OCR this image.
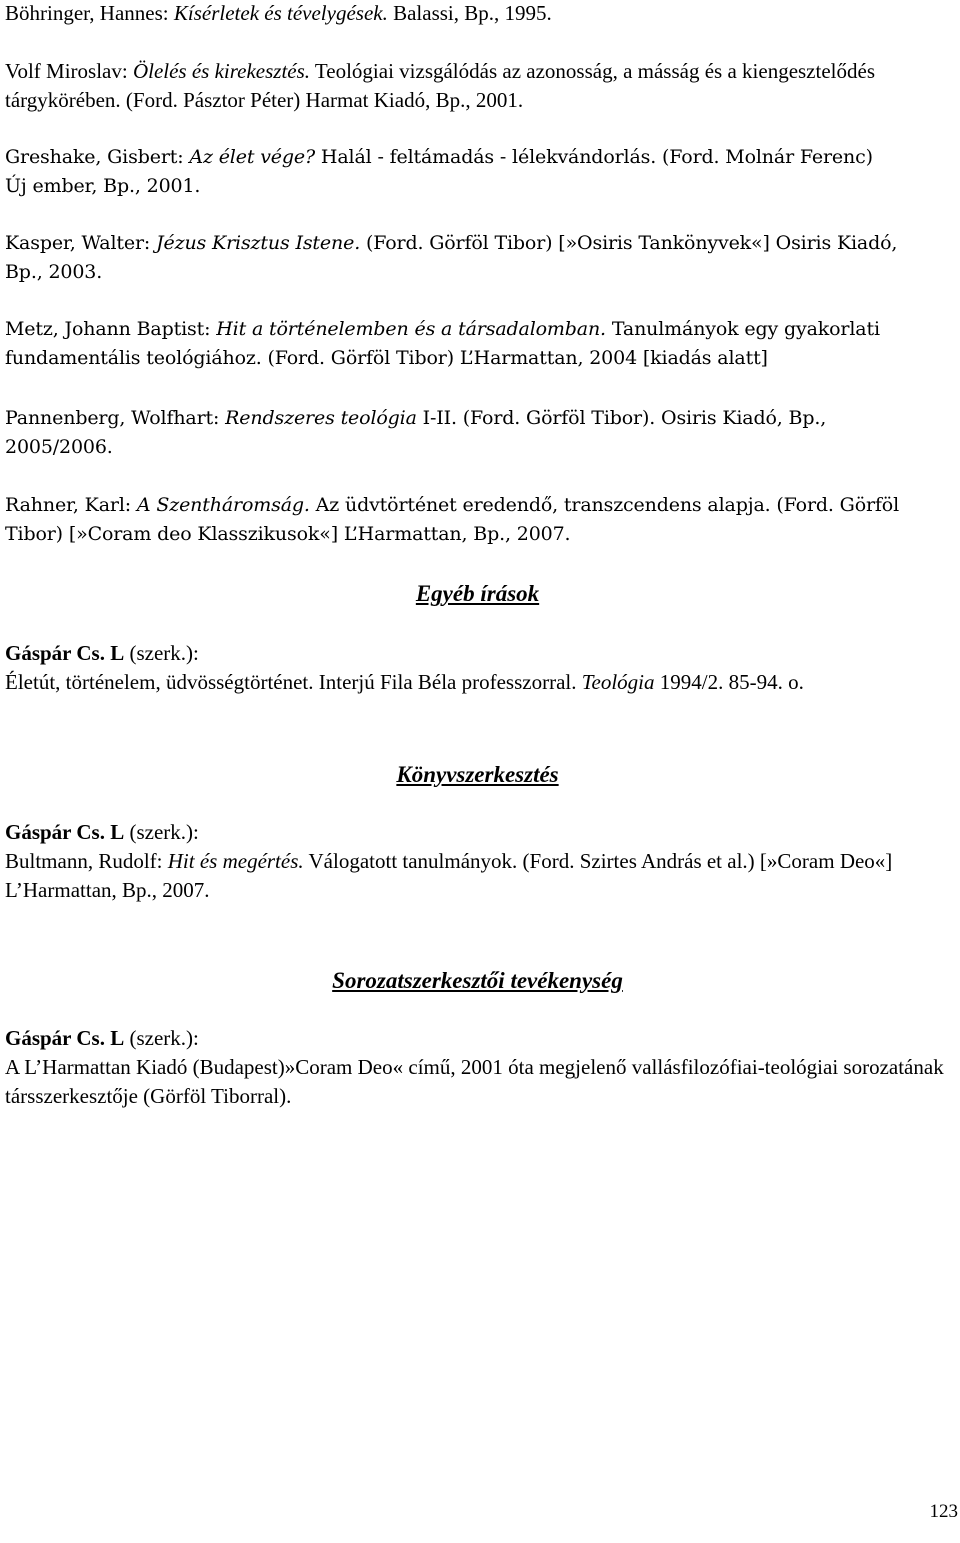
Böhringer, Hannes: Kísérletek és tévelygések. Balassi, Bp., 1995.

Volf Miroslav: Ölelés és kirekesztés. Teológiai vizsgálódás az azonosság, a másság és a kiengesztelődés tárgykörében. (Ford. Pásztor Péter) Harmat Kiadó, Bp., 2001.

Greshake, Gisbert: Az élet vége? Halál - feltámadás - lélekvándorlás. (Ford. Molnár Ferenc) Új ember, Bp., 2001.

Kasper, Walter: Jézus Krisztus Istene. (Ford. Görföl Tibor) [»Osiris Tankönyvek«] Osiris Kiadó, Bp., 2003.

Metz, Johann Baptist: Hit a történelemben és a társadalomban. Tanulmányok egy gyakorlati fundamentális teológiához. (Ford. Görföl Tibor) L’Harmattan, 2004 [kiadás alatt]

Pannenberg, Wolfhart: Rendszeres teológia I-II. (Ford. Görföl Tibor). Osiris Kiadó, Bp., 2005/2006.

Rahner, Karl: A Szentháromság. Az üdvtörténet eredendő, transzcendens alapja. (Ford. Görföl Tibor) [»Coram deo Klasszikusok«] L’Harmattan, Bp., 2007.

Egyéb írások

Gáspár Cs. L (szerk.):

Életút, történelem, üdvösségtörténet. Interjú Fila Béla professzorral. Teológia 1994/2. 85-94. o.

Könyvszerkesztés

Gáspár Cs. L (szerk.):

Bultmann, Rudolf: Hit és megértés. Válogatott tanulmányok. (Ford. Szirtes András et al.) [»Coram Deo«] L’Harmattan, Bp., 2007.

Sorozatszerkesztői tevékenység

Gáspár Cs. L (szerk.):

A L’Harmattan Kiadó (Budapest)»Coram Deo« című, 2001 óta megjelenő vallásfilozófiai-teológiai sorozatának társszerkesztője (Görföl Tiborral).

123
